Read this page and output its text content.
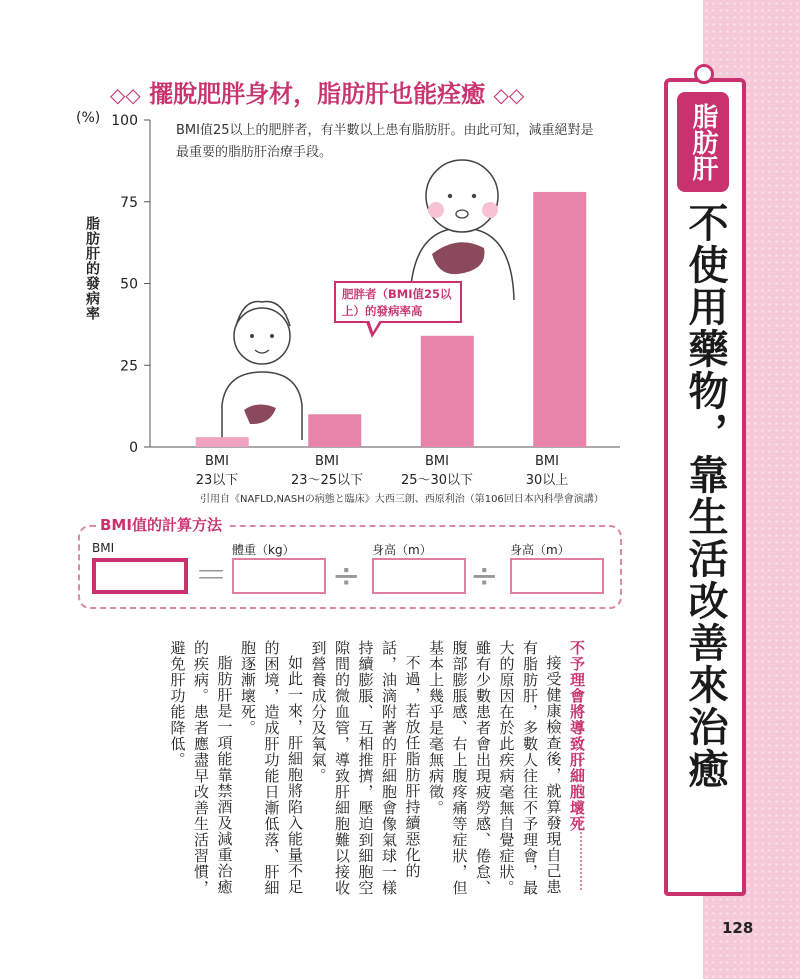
脂肪肝
不使用藥物，靠生活改善來治癒
128
◇◇ 擺脫肥胖身材，脂肪肝也能痊癒 ◇◇
0
25
50
75
100
(%)
脂肪肝的發病率
BMI值25以上的肥胖者，有半數以上患有脂肪肝。由此可知，減重絕對是最重要的脂肪肝治療手段。
肥胖者（BMI值25以上）的發病率高
BMI
23以下
BMI
23～25以下
BMI
25～30以下
BMI
30以上
引用自《NAFLD,NASHの病態と臨床》大西三朗、西原利治（第106回日本內科學會演講）
BMI值的計算方法
BMI	體重（kg）	身高（m）	身高（m）
＝	÷	÷

不予理會將導致肝細胞壞死

接受健康檢查後，就算發現自己患有脂肪肝，多數人往往不予理會，最大的原因在於此疾病毫無自覺症狀。雖有少數患者會出現疲勞感、倦怠、腹部膨脹感、右上腹疼痛等症狀，但基本上幾乎是毫無病徵。

不過，若放任脂肪肝持續惡化的話，油滴附著的肝細胞會像氣球一樣持續膨脹、互相推擠，壓迫到細胞空隙間的微血管，導致肝細胞難以接收到營養成分及氧氣。

如此一來，肝細胞將陷入能量不足的困境，造成肝功能日漸低落、肝細胞逐漸壞死。

脂肪肝是一項能靠禁酒及減重治癒的疾病。患者應盡早改善生活習慣，避免肝功能降低。
